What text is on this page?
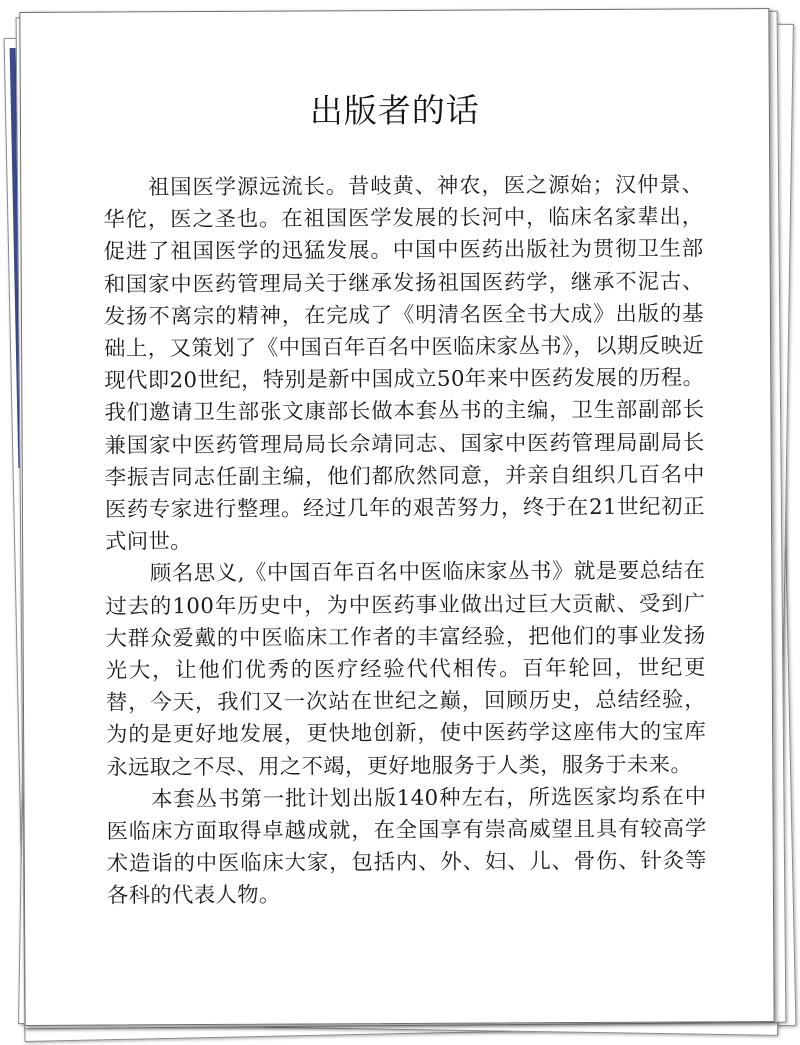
出版者的话

祖国医学源远流长。昔岐黄、神农，医之源始；汉仲景、华佗，医之圣也。在祖国医学发展的长河中，临床名家辈出，促进了祖国医学的迅猛发展。中国中医药出版社为贯彻卫生部和国家中医药管理局关于继承发扬祖国医药学，继承不泥古、发扬不离宗的精神，在完成了《明清名医全书大成》出版的基础上，又策划了《中国百年百名中医临床家丛书》，以期反映近现代即20世纪，特别是新中国成立50年来中医药发展的历程。我们邀请卫生部张文康部长做本套丛书的主编，卫生部副部长兼国家中医药管理局局长佘靖同志、国家中医药管理局副局长李振吉同志任副主编，他们都欣然同意，并亲自组织几百名中医药专家进行整理。经过几年的艰苦努力，终于在21世纪初正式问世。

顾名思义,《中国百年百名中医临床家丛书》就是要总结在过去的100年历史中，为中医药事业做出过巨大贡献、受到广大群众爱戴的中医临床工作者的丰富经验，把他们的事业发扬光大，让他们优秀的医疗经验代代相传。百年轮回，世纪更替，今天，我们又一次站在世纪之巅，回顾历史，总结经验，为的是更好地发展，更快地创新，使中医药学这座伟大的宝库永远取之不尽、用之不竭，更好地服务于人类，服务于未来。

本套丛书第一批计划出版140种左右，所选医家均系在中医临床方面取得卓越成就，在全国享有崇高威望且具有较高学术造诣的中医临床大家，包括内、外、妇、儿、骨伤、针灸等各科的代表人物。
